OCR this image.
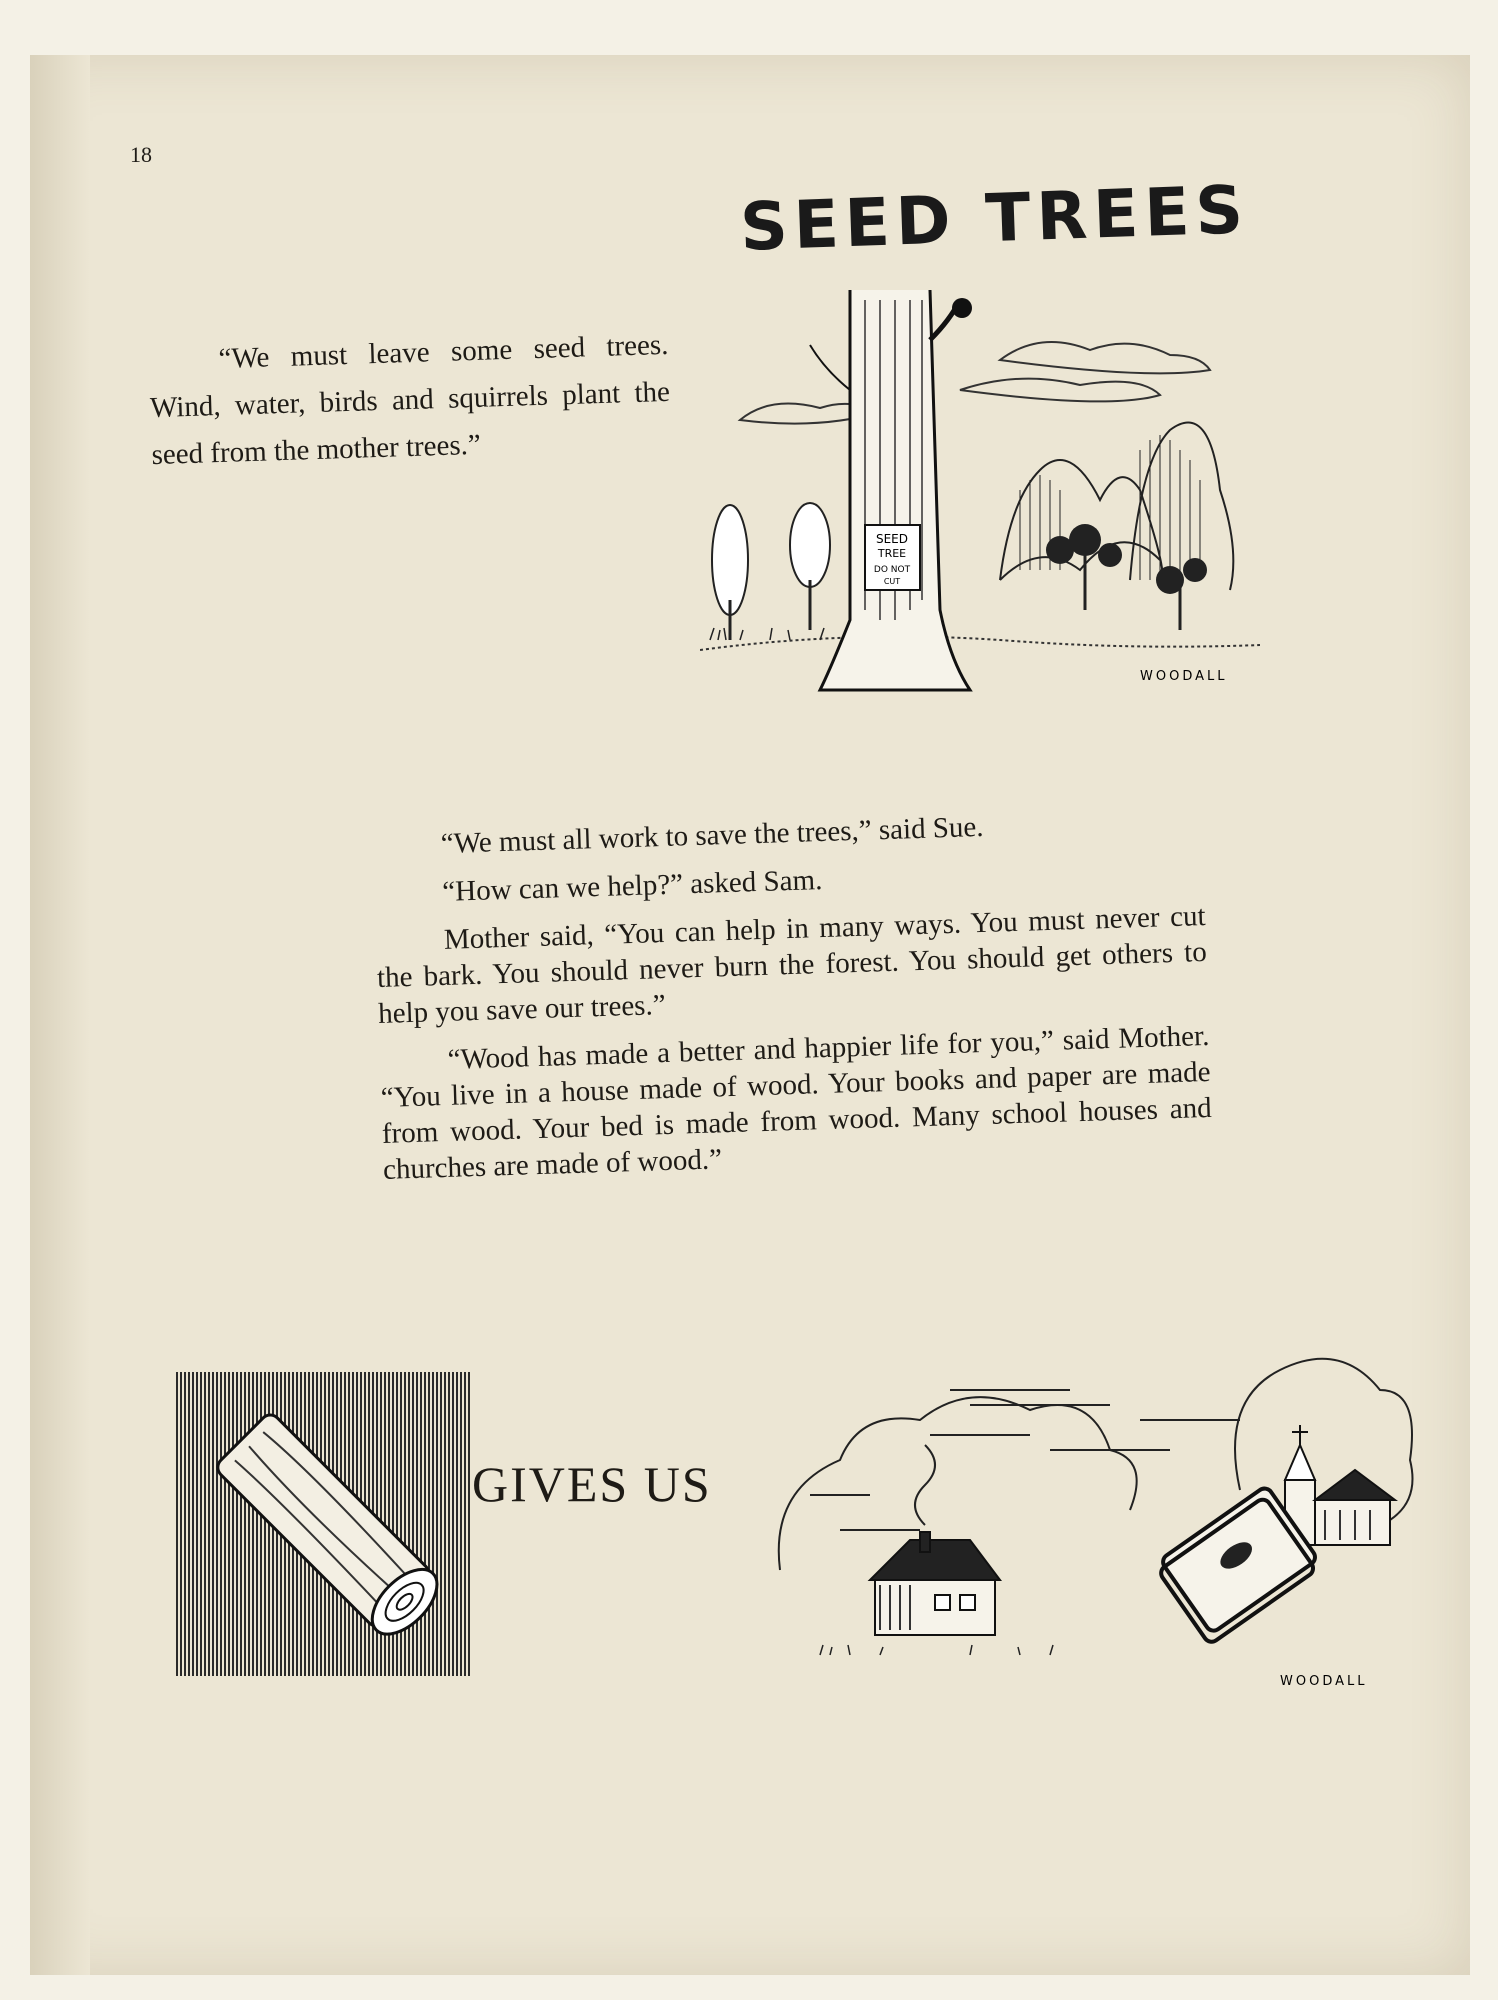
18
SEED TREES
“We must leave some seed trees. Wind, water, birds and squirrels plant the seed from the mother trees.”
SEED
TREE
DO NOT
CUT
WOODALL

“We must all work to save the trees,” said Sue.

“How can we help?” asked Sam.

Mother said, “You can help in many ways. You must never cut the bark. You should never burn the forest. You should get others to help you save our trees.”

“Wood has made a better and happier life for you,” said Mother. “You live in a house made of wood. Your books and paper are made from wood. Your bed is made from wood. Many school houses and churches are made of wood.”

GIVES US
WOODALL
